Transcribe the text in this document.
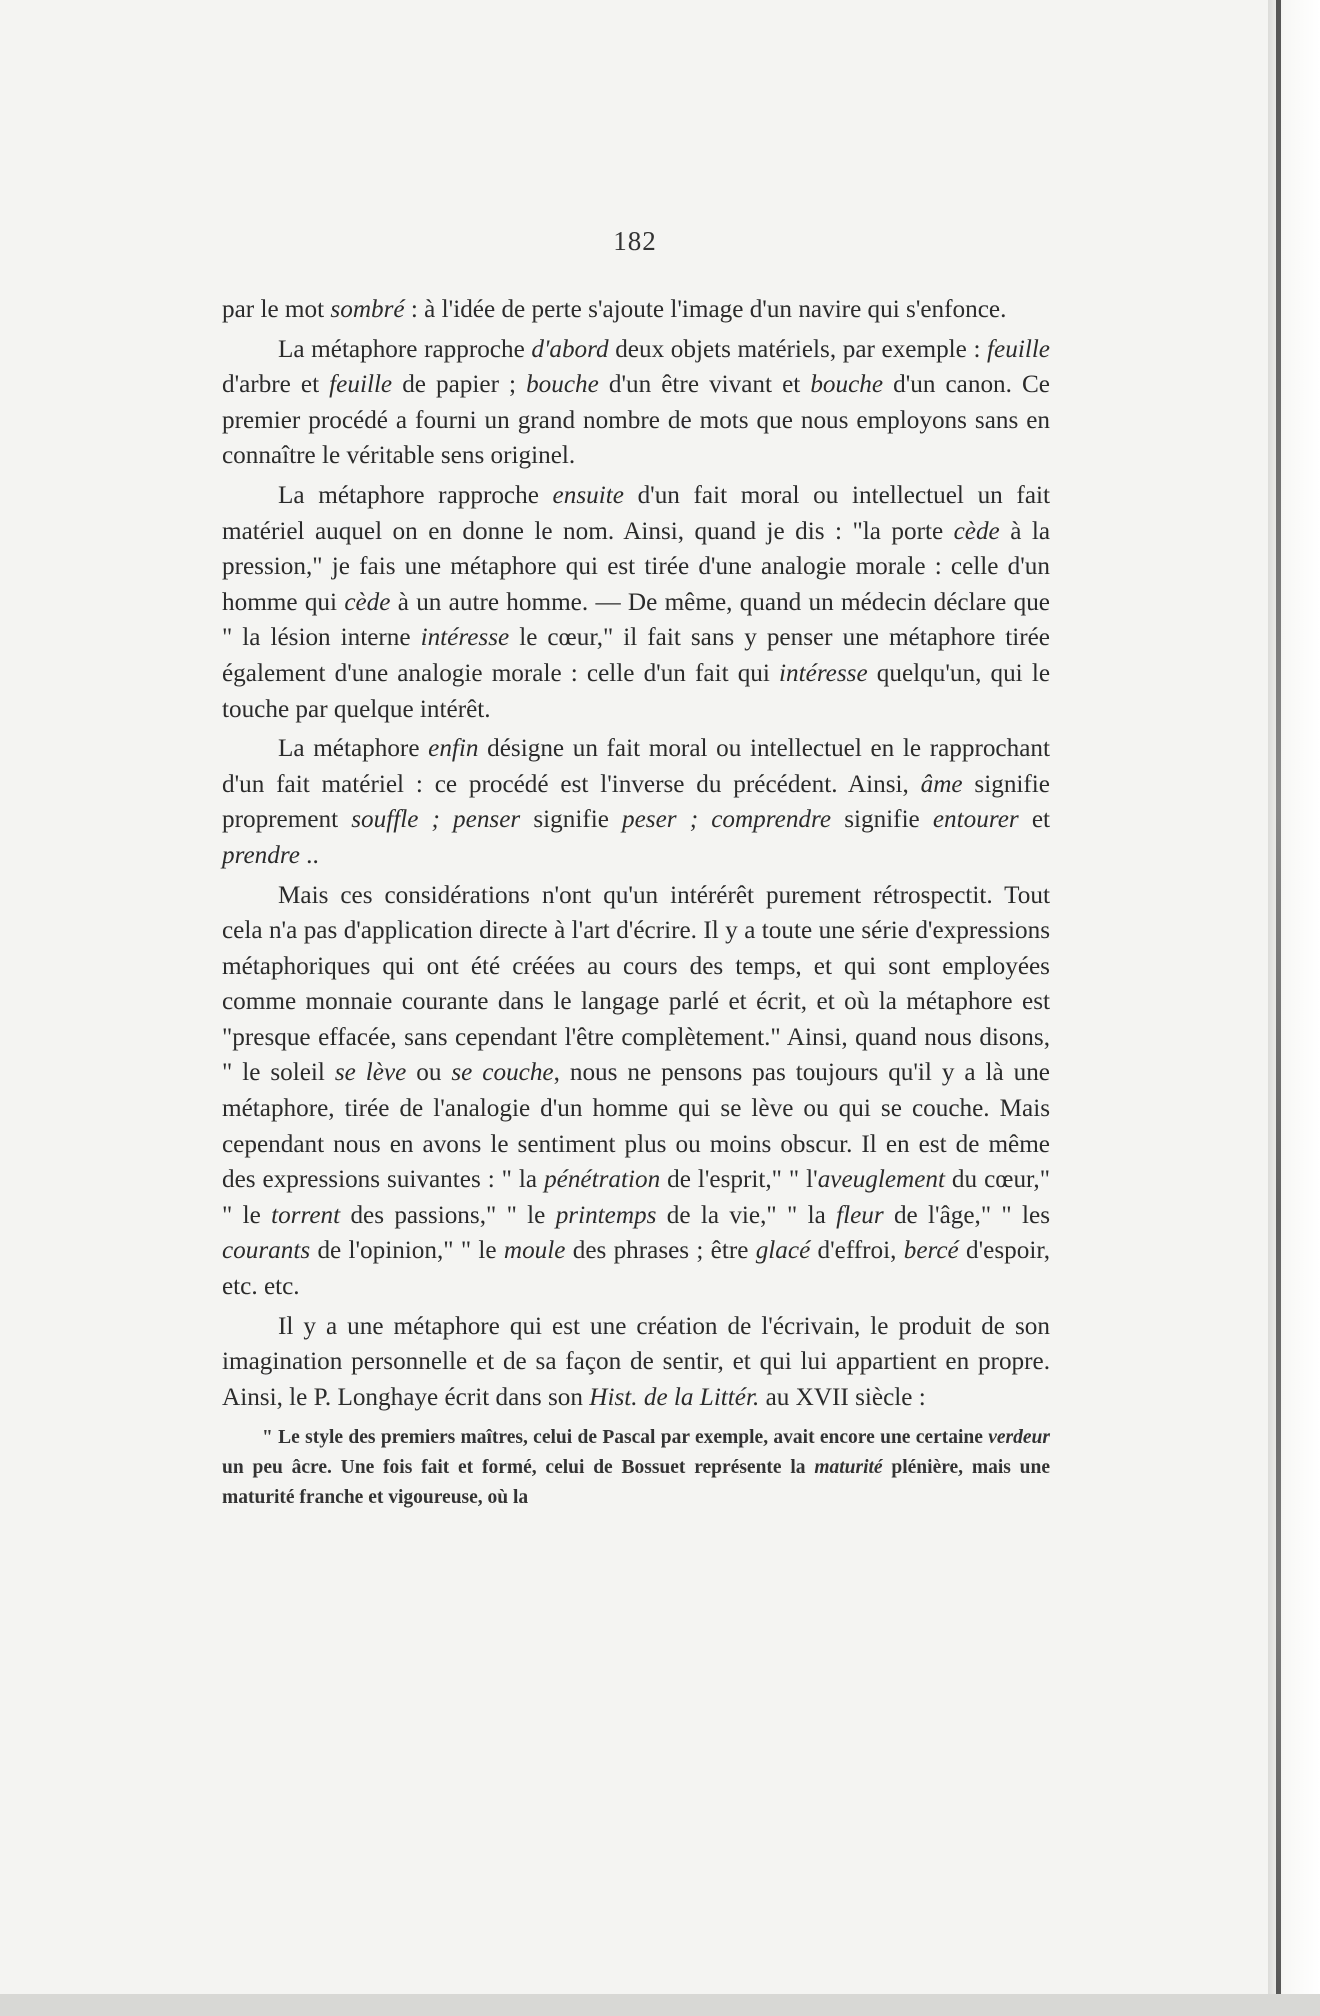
182

par le mot sombré : à l'idée de perte s'ajoute l'image d'un navire qui s'enfonce.

La métaphore rapproche d'abord deux objets matériels, par exemple : feuille d'arbre et feuille de papier ; bouche d'un être vivant et bouche d'un canon. Ce premier procédé a fourni un grand nombre de mots que nous employons sans en connaître le véritable sens originel.

La métaphore rapproche ensuite d'un fait moral ou intellectuel un fait matériel auquel on en donne le nom. Ainsi, quand je dis : "la porte cède à la pression," je fais une métaphore qui est tirée d'une analogie morale : celle d'un homme qui cède à un autre homme. — De même, quand un médecin déclare que " la lésion interne intéresse le cœur," il fait sans y penser une métaphore tirée également d'une analogie morale : celle d'un fait qui intéresse quelqu'un, qui le touche par quelque intérêt.

La métaphore enfin désigne un fait moral ou intellectuel en le rapprochant d'un fait matériel : ce procédé est l'inverse du précédent. Ainsi, âme signifie proprement souffle ; penser signifie peser ; comprendre signifie entourer et prendre ..

Mais ces considérations n'ont qu'un intérérêt purement rétrospectit. Tout cela n'a pas d'application directe à l'art d'écrire. Il y a toute une série d'expressions métaphoriques qui ont été créées au cours des temps, et qui sont employées comme monnaie courante dans le langage parlé et écrit, et où la métaphore est "presque effacée, sans cependant l'être complètement." Ainsi, quand nous disons, " le soleil se lève ou se couche, nous ne pensons pas toujours qu'il y a là une métaphore, tirée de l'analogie d'un homme qui se lève ou qui se couche. Mais cependant nous en avons le sentiment plus ou moins obscur. Il en est de même des expressions suivantes : " la pénétration de l'esprit," " l'aveuglement du cœur," " le torrent des passions," " le printemps de la vie," " la fleur de l'âge," " les courants de l'opinion," " le moule des phrases ; être glacé d'effroi, bercé d'espoir, etc. etc.

Il y a une métaphore qui est une création de l'écrivain, le produit de son imagination personnelle et de sa façon de sentir, et qui lui appartient en propre. Ainsi, le P. Longhaye écrit dans son Hist. de la Littér. au XVII siècle :

" Le style des premiers maîtres, celui de Pascal par exemple, avait encore une certaine verdeur un peu âcre. Une fois fait et formé, celui de Bossuet représente la maturité plénière, mais une maturité franche et vigoureuse, où la
